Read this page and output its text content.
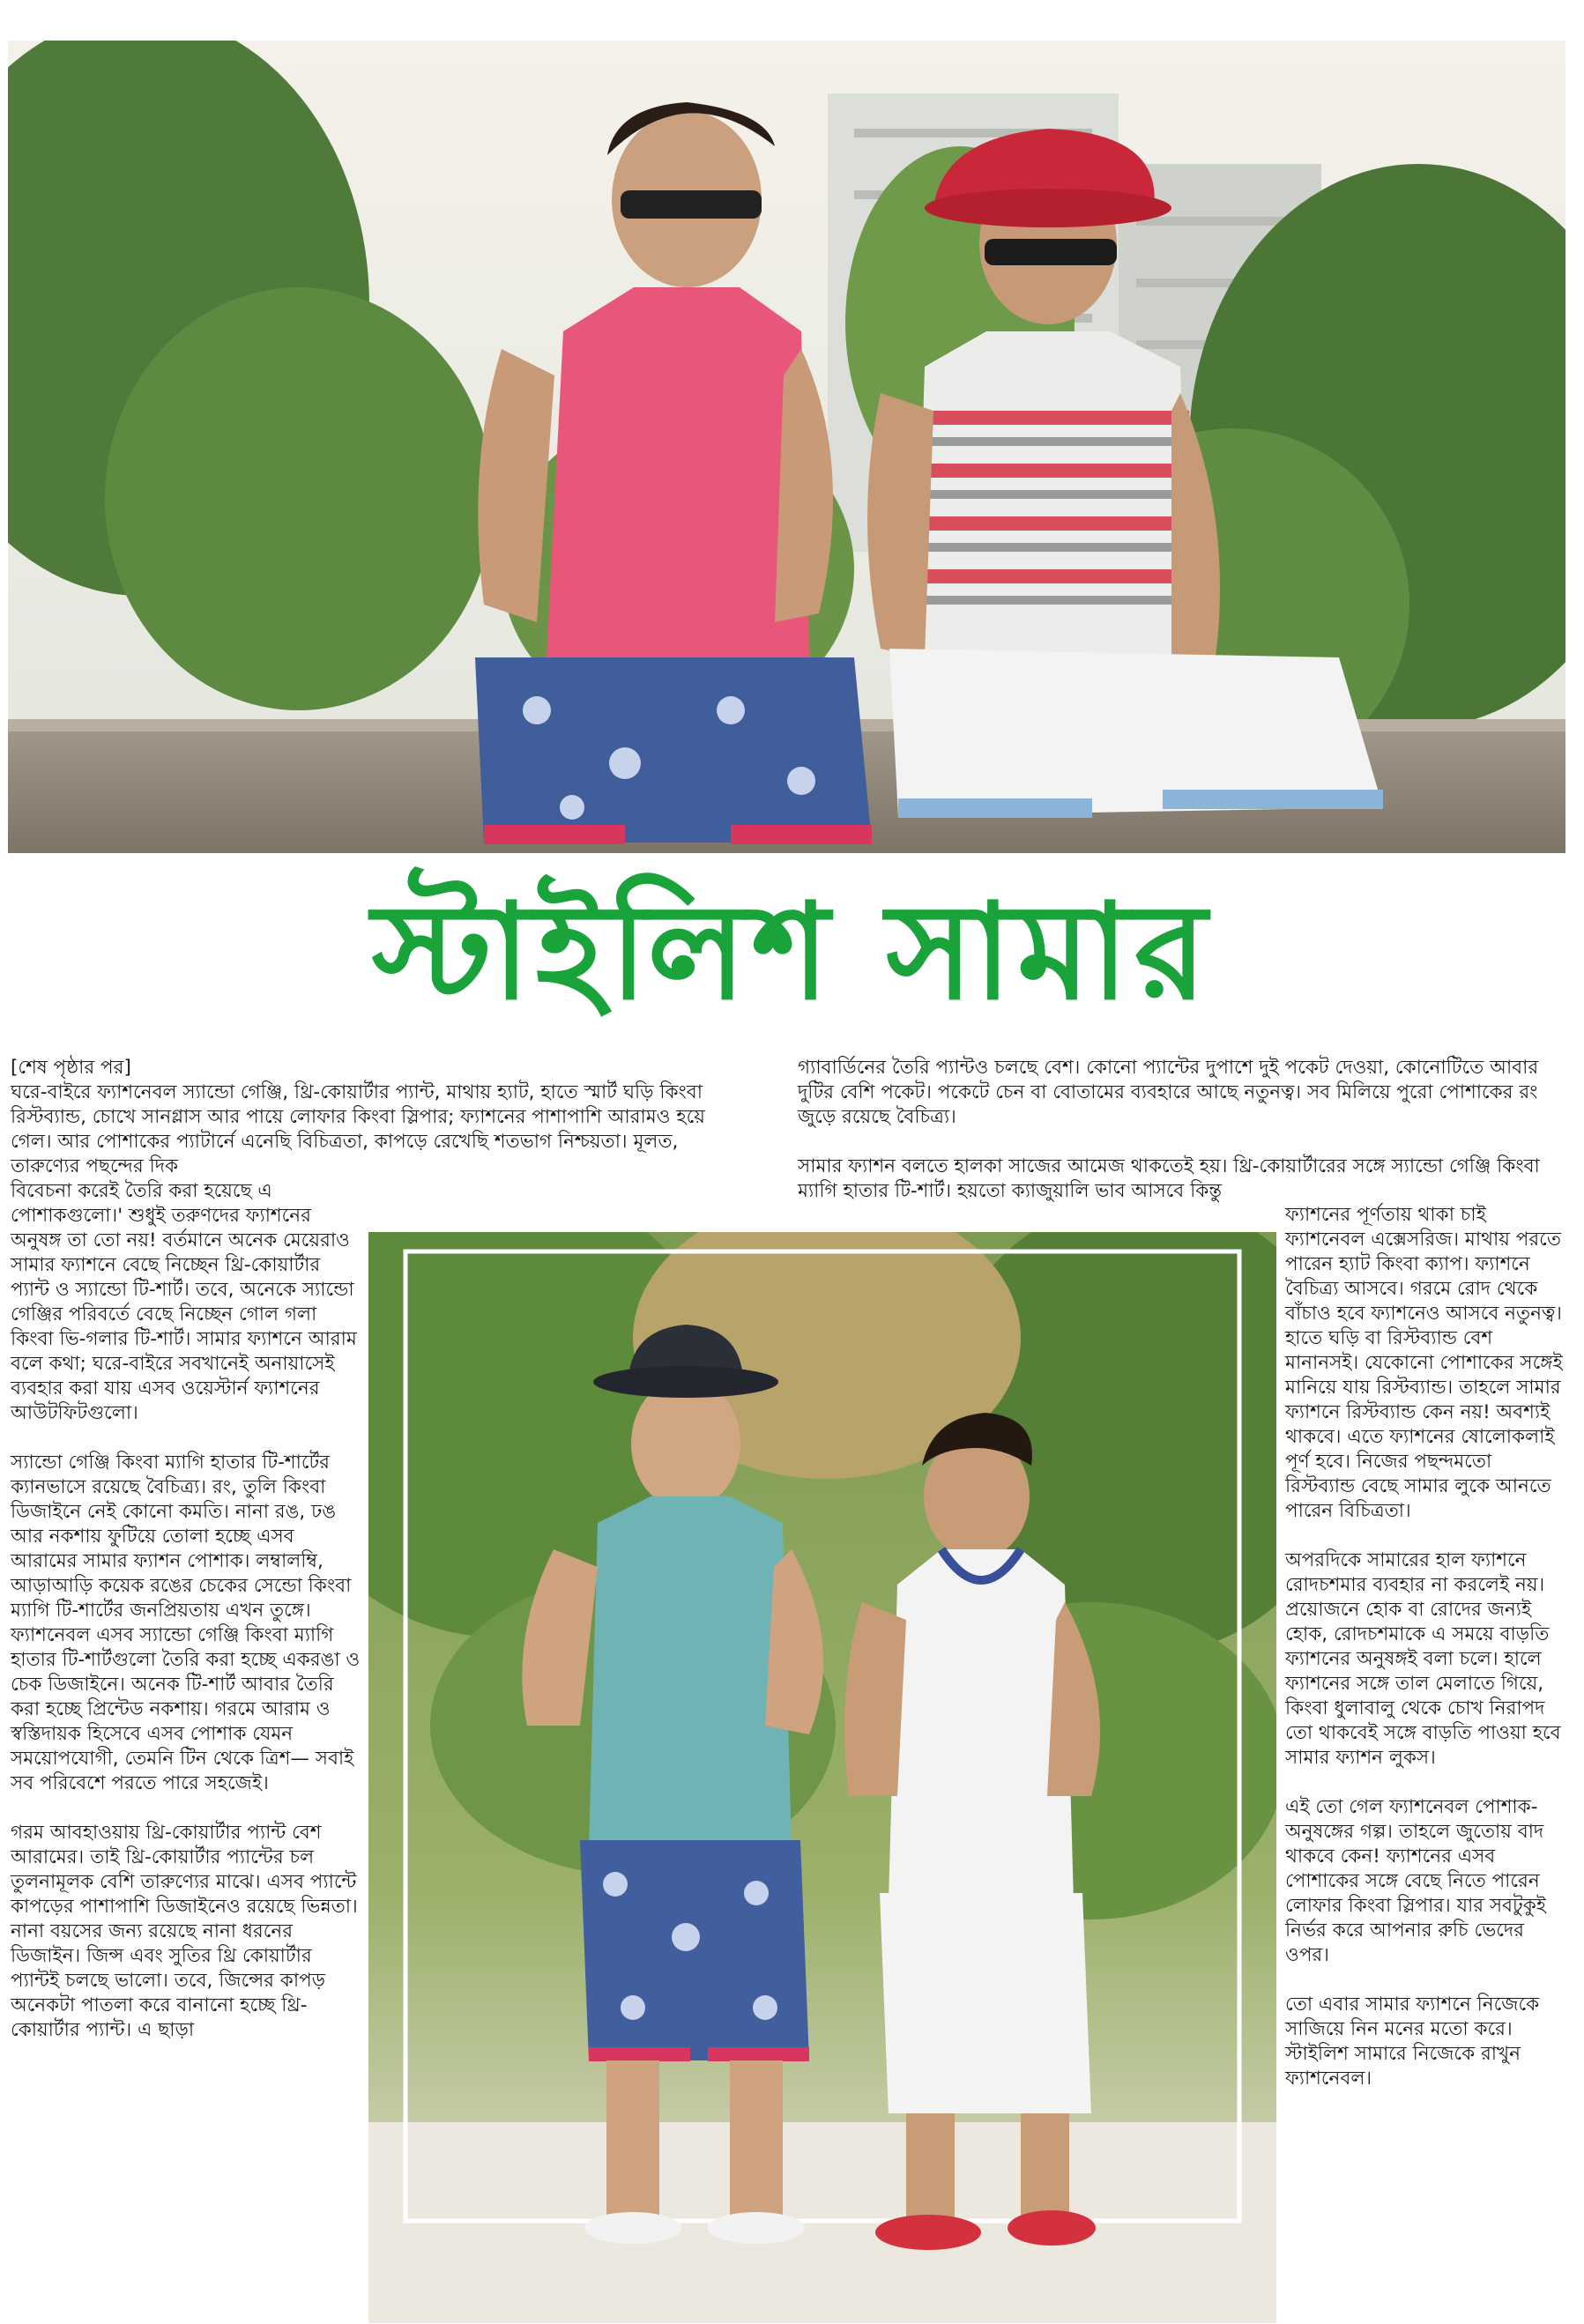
স্টাইলিশ সামার
[শেষ পৃষ্ঠার পর]
ঘরে-বাইরে ফ্যাশনেবল স্যান্ডো গেঞ্জি, থ্রি-কোয়ার্টার প্যান্ট, মাথায় হ্যাট, হাতে স্মার্ট ঘড়ি কিংবা রিস্টব্যান্ড, চোখে সানগ্লাস আর পায়ে লোফার কিংবা স্লিপার; ফ্যাশনের পাশাপাশি আরামও হয়ে গেল। আর পোশাকের প্যাটার্নে এনেছি বিচিত্রতা, কাপড়ে রেখেছি শতভাগ নিশ্চয়তা। মূলত, তারুণ্যের পছন্দের দিক

বিবেচনা করেই তৈরি করা হয়েছে এ পোশাকগুলো।' শুধুই তরুণদের ফ্যাশনের অনুষঙ্গ তা তো নয়! বর্তমানে অনেক মেয়েরাও সামার ফ্যাশনে বেছে নিচ্ছেন থ্রি-কোয়ার্টার প্যান্ট ও স্যান্ডো টি-শার্ট। তবে, অনেকে স্যান্ডো গেঞ্জির পরিবর্তে বেছে নিচ্ছেন গোল গলা কিংবা ভি-গলার টি-শার্ট। সামার ফ্যাশনে আরাম বলে কথা; ঘরে-বাইরে সবখানেই অনায়াসেই ব্যবহার করা যায় এসব ওয়েস্টার্ন ফ্যাশনের আউটফিটগুলো।

স্যান্ডো গেঞ্জি কিংবা ম্যাগি হাতার টি-শার্টের ক্যানভাসে রয়েছে বৈচিত্র্য। রং, তুলি কিংবা ডিজাইনে নেই কোনো কমতি। নানা রঙ, ঢঙ আর নকশায় ফুটিয়ে তোলা হচ্ছে এসব আরামের সামার ফ্যাশন পোশাক। লম্বালম্বি, আড়াআড়ি কয়েক রঙের চেকের সেন্ডো কিংবা ম্যাগি টি-শার্টের জনপ্রিয়তায় এখন তুঙ্গে। ফ্যাশনেবল এসব স্যান্ডো গেঞ্জি কিংবা ম্যাগি হাতার টি-শার্টগুলো তৈরি করা হচ্ছে একরঙা ও চেক ডিজাইনে। অনেক টি-শার্ট আবার তৈরি করা হচ্ছে প্রিন্টেড নকশায়। গরমে আরাম ও স্বস্তিদায়ক হিসেবে এসব পোশাক যেমন সময়োপযোগী, তেমনি টিন থেকে ত্রিশ— সবাই সব পরিবেশে পরতে পারে সহজেই।

গরম আবহাওয়ায় থ্রি-কোয়ার্টার প্যান্ট বেশ আরামের। তাই থ্রি-কোয়ার্টার প্যান্টের চল তুলনামূলক বেশি তারুণ্যের মাঝে। এসব প্যান্টে কাপড়ের পাশাপাশি ডিজাইনেও রয়েছে ভিন্নতা। নানা বয়সের জন্য রয়েছে নানা ধরনের ডিজাইন। জিন্স এবং সুতির থ্রি কোয়ার্টার প্যান্টই চলছে ভালো। তবে, জিন্সের কাপড় অনেকটা পাতলা করে বানানো হচ্ছে থ্রি-কোয়ার্টার প্যান্ট। এ ছাড়া

গ্যাবার্ডিনের তৈরি প্যান্টও চলছে বেশ। কোনো প্যান্টের দুপাশে দুই পকেট দেওয়া, কোনোটিতে আবার দুটির বেশি পকেট। পকেটে চেন বা বোতামের ব্যবহারে আছে নতুনত্ব। সব মিলিয়ে পুরো পোশাকের রং জুড়ে রয়েছে বৈচিত্র্য।

সামার ফ্যাশন বলতে হালকা সাজের আমেজ থাকতেই হয়। থ্রি-কোয়ার্টারের সঙ্গে স্যান্ডো গেঞ্জি কিংবা ম্যাগি হাতার টি-শার্ট। হয়তো ক্যাজুয়ালি ভাব আসবে কিন্তু

ফ্যাশনের পূর্ণতায় থাকা চাই ফ্যাশনেবল এক্সেসরিজ। মাথায় পরতে পারেন হ্যাট কিংবা ক্যাপ। ফ্যাশনে বৈচিত্র্য আসবে। গরমে রোদ থেকে বাঁচাও হবে ফ্যাশনেও আসবে নতুনত্ব। হাতে ঘড়ি বা রিস্টব্যান্ড বেশ মানানসই। যেকোনো পোশাকের সঙ্গেই মানিয়ে যায় রিস্টব্যান্ড। তাহলে সামার ফ্যাশনে রিস্টব্যান্ড কেন নয়! অবশ্যই থাকবে। এতে ফ্যাশনের ষোলোকলাই পূর্ণ হবে। নিজের পছন্দমতো রিস্টব্যান্ড বেছে সামার লুকে আনতে পারেন বিচিত্রতা।

অপরদিকে সামারের হাল ফ্যাশনে রোদচশমার ব্যবহার না করলেই নয়। প্রয়োজনে হোক বা রোদের জন্যই হোক, রোদচশমাকে এ সময়ে বাড়তি ফ্যাশনের অনুষঙ্গই বলা চলে। হালে ফ্যাশনের সঙ্গে তাল মেলাতে গিয়ে, কিংবা ধুলাবালু থেকে চোখ নিরাপদ তো থাকবেই সঙ্গে বাড়তি পাওয়া হবে সামার ফ্যাশন লুকস।

এই তো গেল ফ্যাশনেবল পোশাক-অনুষঙ্গের গল্প। তাহলে জুতোয় বাদ থাকবে কেন! ফ্যাশনের এসব পোশাকের সঙ্গে বেছে নিতে পারেন লোফার কিংবা স্লিপার। যার সবটুকুই নির্ভর করে আপনার রুচি ভেদের ওপর।

তো এবার সামার ফ্যাশনে নিজেকে সাজিয়ে নিন মনের মতো করে। স্টাইলিশ সামারে নিজেকে রাখুন ফ্যাশনেবল।
